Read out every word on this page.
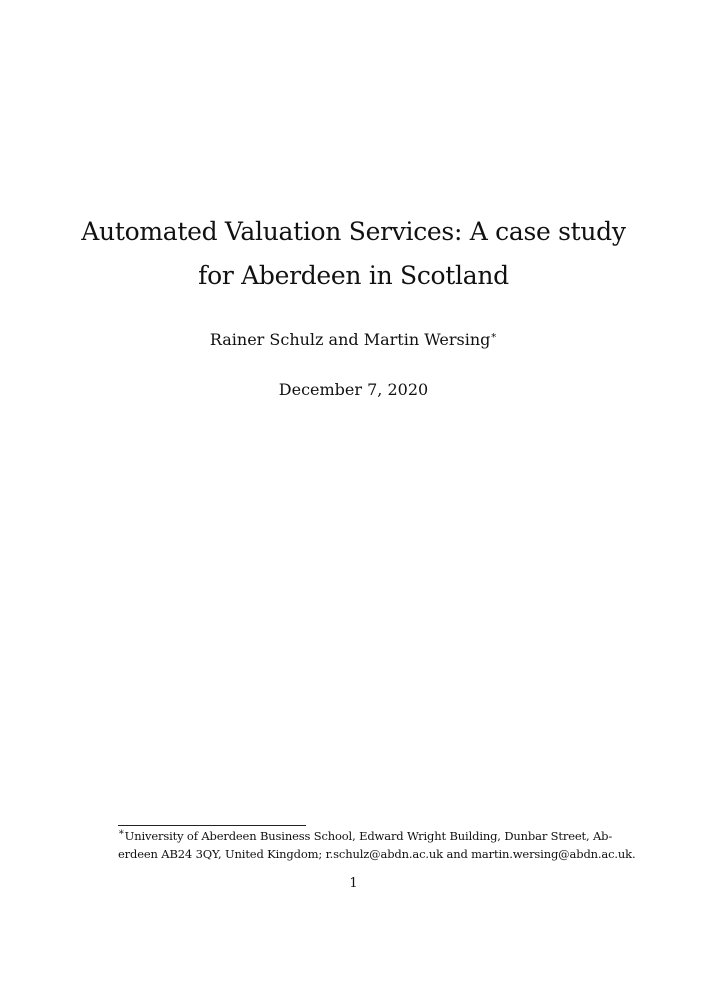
Automated Valuation Services: A case study
for Aberdeen in Scotland
Rainer Schulz and Martin Wersing∗
December 7, 2020
∗University of Aberdeen Business School, Edward Wright Building, Dunbar Street, Ab-
erdeen AB24 3QY, United Kingdom; r.schulz@abdn.ac.uk and martin.wersing@abdn.ac.uk.
1
